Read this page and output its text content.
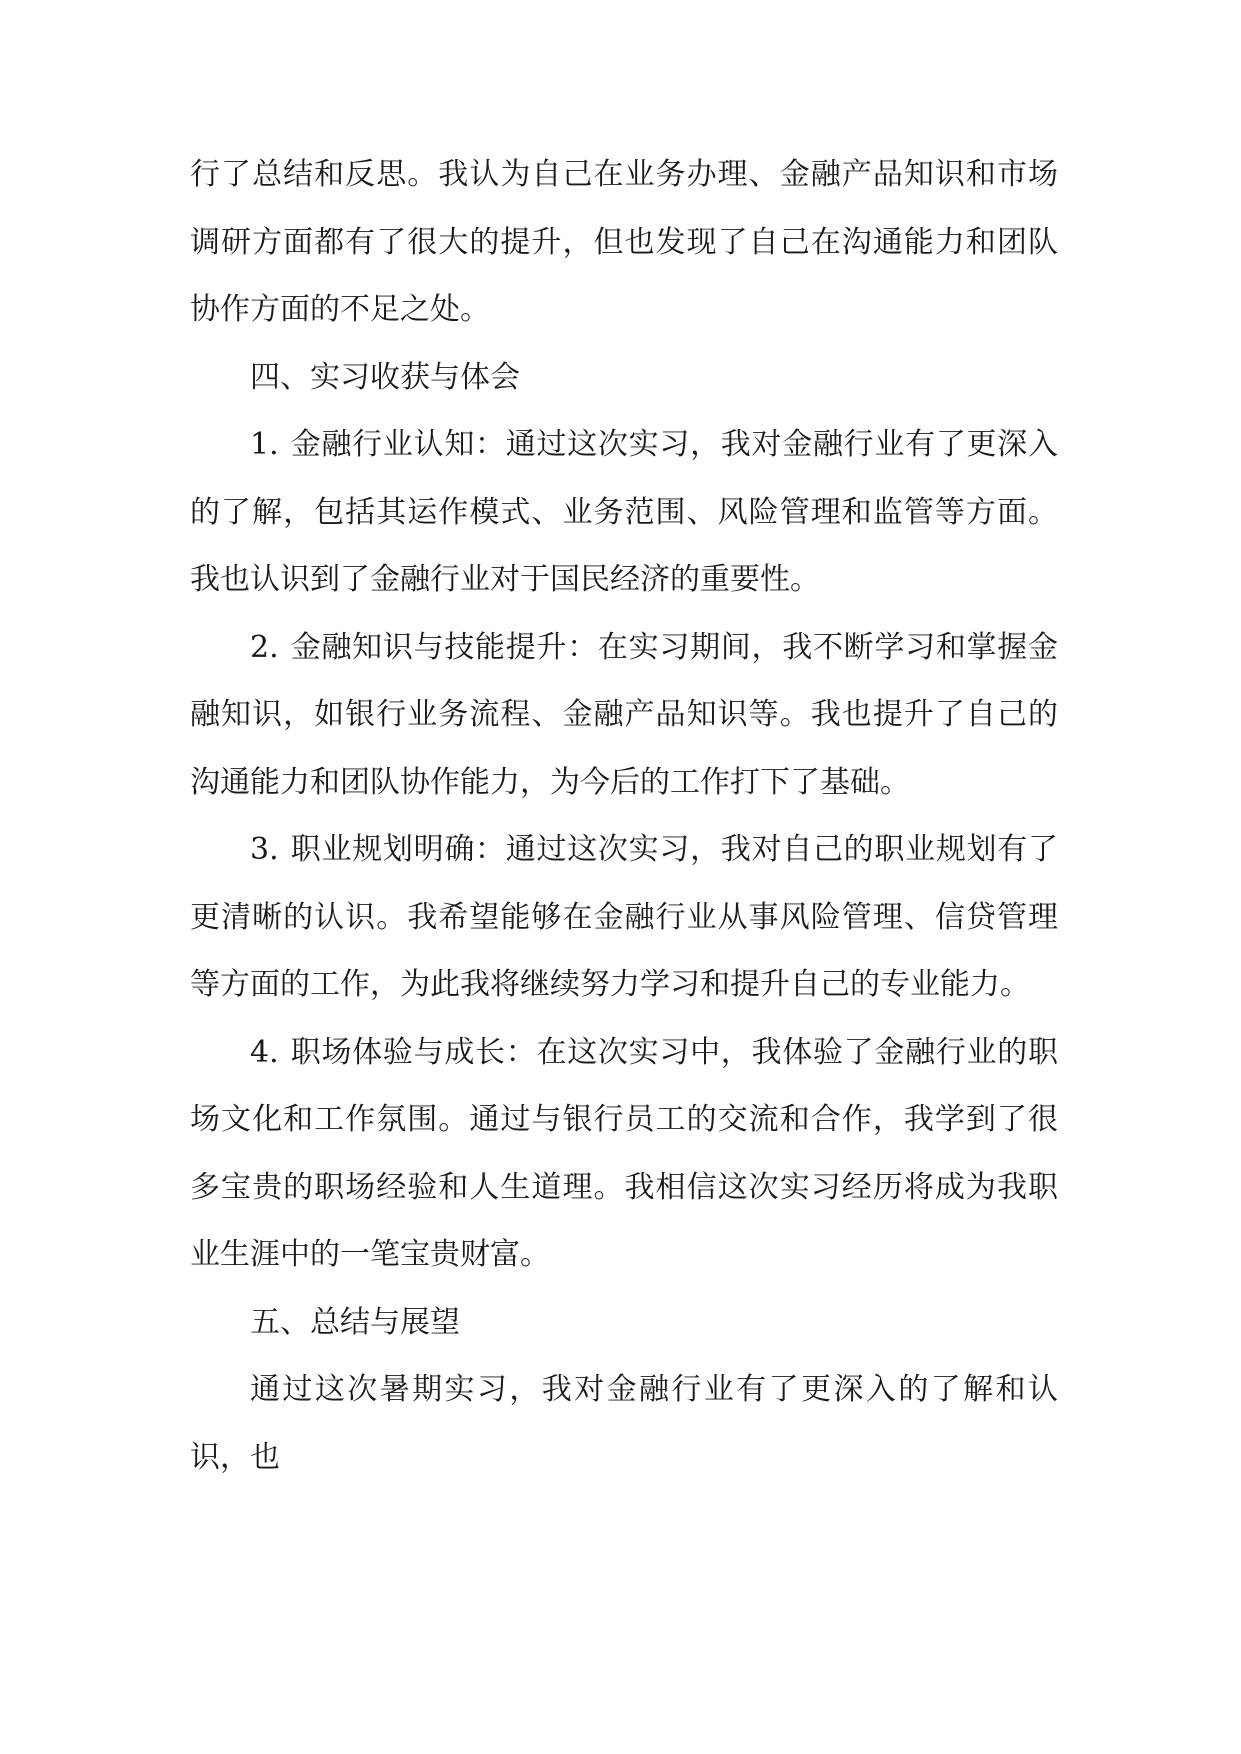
行了总结和反思。我认为自己在业务办理、金融产品知识和市场调研方面都有了很大的提升，但也发现了自己在沟通能力和团队协作方面的不足之处。

四、实习收获与体会

1. 金融行业认知：通过这次实习，我对金融行业有了更深入的了解，包括其运作模式、业务范围、风险管理和监管等方面。我也认识到了金融行业对于国民经济的重要性。

2. 金融知识与技能提升：在实习期间，我不断学习和掌握金融知识，如银行业务流程、金融产品知识等。我也提升了自己的沟通能力和团队协作能力，为今后的工作打下了基础。

3. 职业规划明确：通过这次实习，我对自己的职业规划有了更清晰的认识。我希望能够在金融行业从事风险管理、信贷管理等方面的工作，为此我将继续努力学习和提升自己的专业能力。

4. 职场体验与成长：在这次实习中，我体验了金融行业的职场文化和工作氛围。通过与银行员工的交流和合作，我学到了很多宝贵的职场经验和人生道理。我相信这次实习经历将成为我职业生涯中的一笔宝贵财富。

五、总结与展望

通过这次暑期实习，我对金融行业有了更深入的了解和认识，也
